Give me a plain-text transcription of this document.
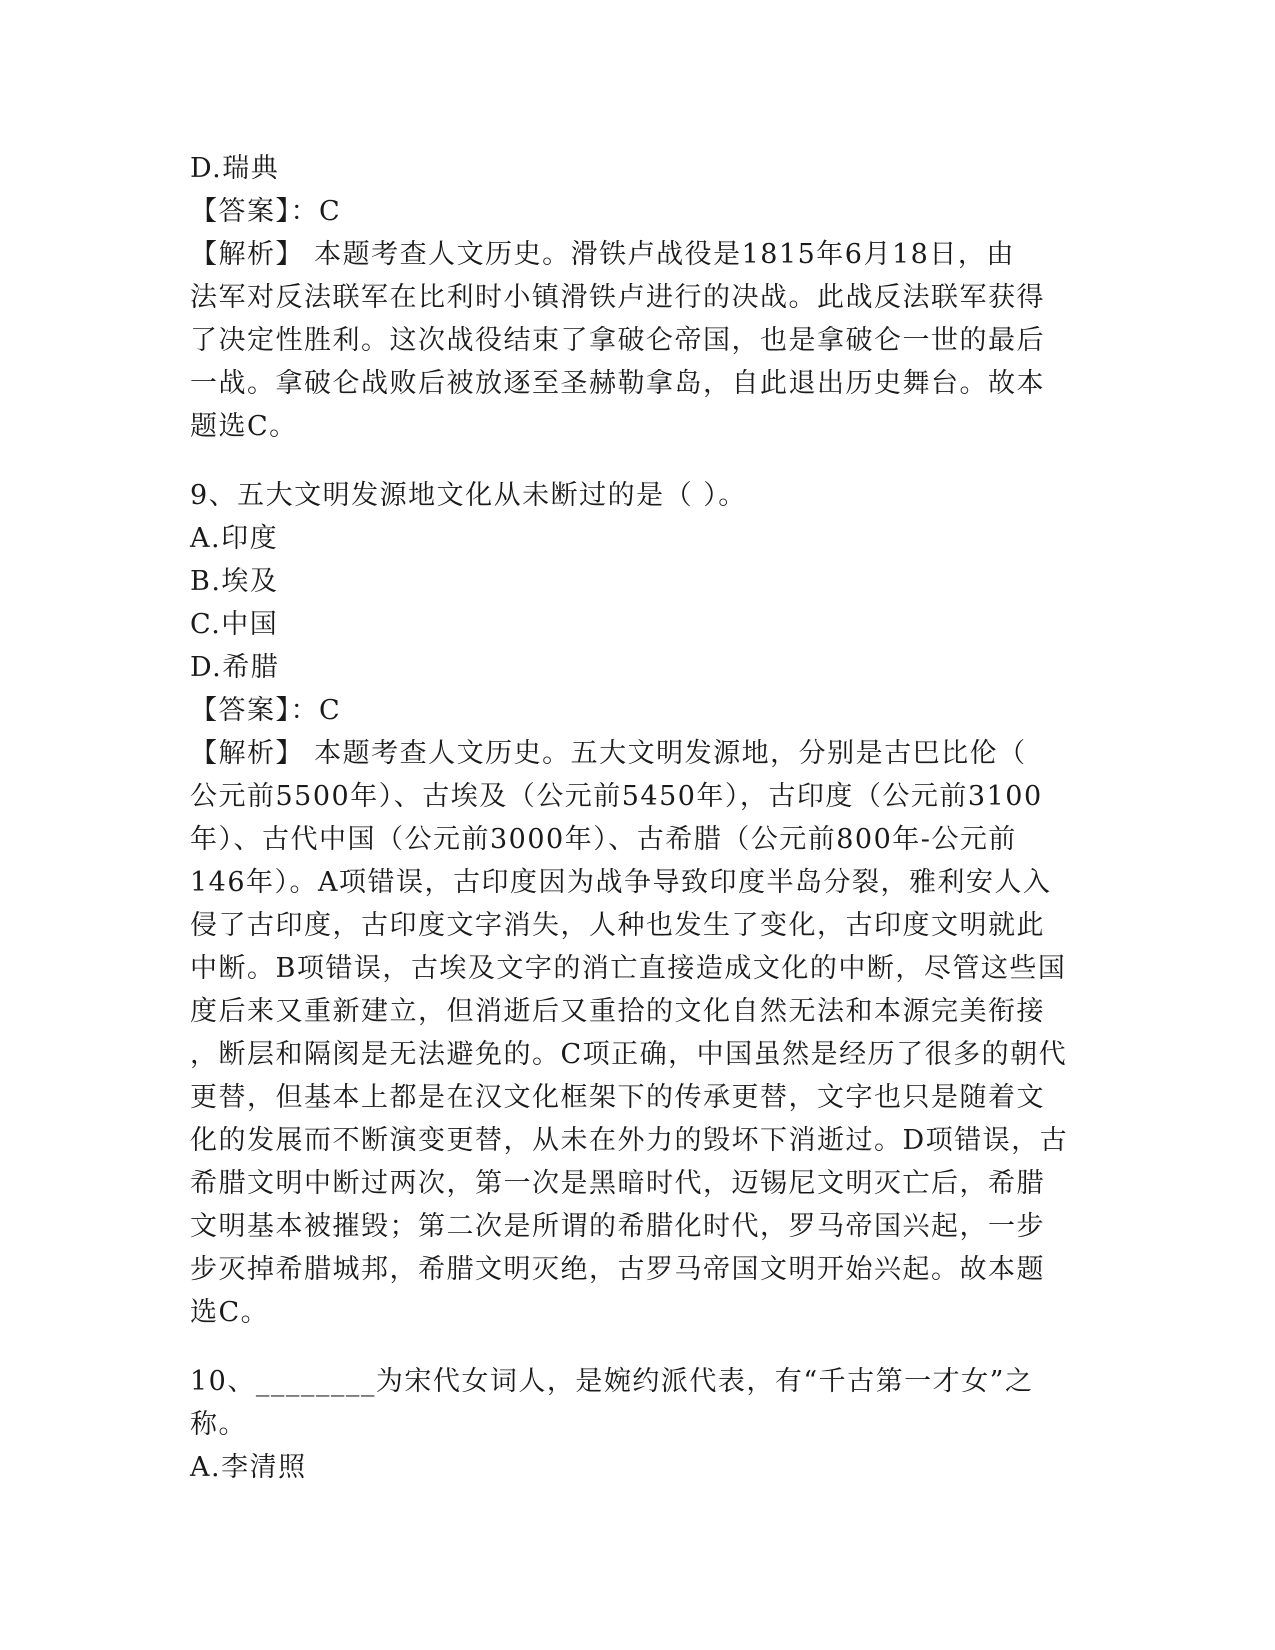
D.瑞典
【答案】：C
【解析】 本题考查人文历史。滑铁卢战役是1815年6月18日，由
法军对反法联军在比利时小镇滑铁卢进行的决战。此战反法联军获得
了决定性胜利。这次战役结束了拿破仑帝国，也是拿破仑一世的最后
一战。拿破仑战败后被放逐至圣赫勒拿岛，自此退出历史舞台。故本
题选C。
9、五大文明发源地文化从未断过的是（ ）。
A.印度
B.埃及
C.中国
D.希腊
【答案】：C
【解析】 本题考查人文历史。五大文明发源地，分别是古巴比伦（
公元前5500年）、古埃及（公元前5450年），古印度（公元前3100
年）、古代中国（公元前3000年）、古希腊（公元前800年-公元前
146年）。A项错误，古印度因为战争导致印度半岛分裂，雅利安人入
侵了古印度，古印度文字消失，人种也发生了变化，古印度文明就此
中断。B项错误，古埃及文字的消亡直接造成文化的中断，尽管这些国
度后来又重新建立，但消逝后又重拾的文化自然无法和本源完美衔接
，断层和隔阂是无法避免的。C项正确，中国虽然是经历了很多的朝代
更替，但基本上都是在汉文化框架下的传承更替，文字也只是随着文
化的发展而不断演变更替，从未在外力的毁坏下消逝过。D项错误，古
希腊文明中断过两次，第一次是黑暗时代，迈锡尼文明灭亡后，希腊
文明基本被摧毁；第二次是所谓的希腊化时代，罗马帝国兴起，一步
步灭掉希腊城邦，希腊文明灭绝，古罗马帝国文明开始兴起。故本题
选C。
10、________为宋代女词人，是婉约派代表，有“千古第一才女”之
称。
A.李清照
